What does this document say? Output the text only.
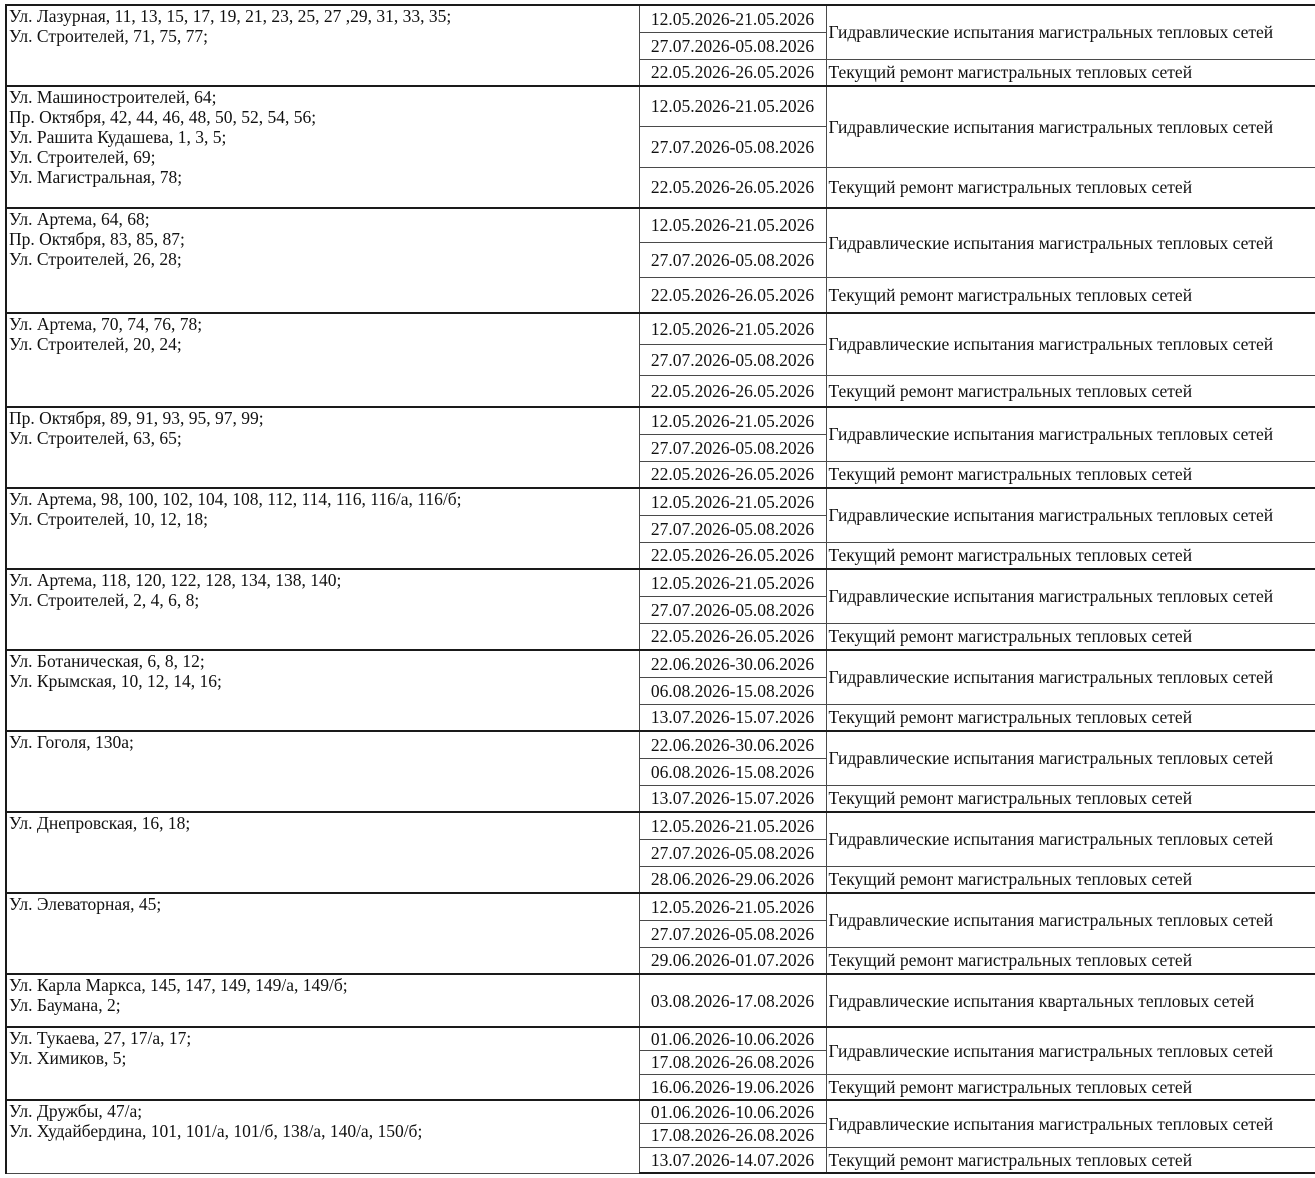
Ул. Лазурная, 11, 13, 15, 17, 19, 21, 23, 25, 27 ,29, 31, 33, 35;
Ул. Строителей, 71, 75, 77;	12.05.2026-21.05.2026	Гидравлические испытания магистральных тепловых сетей
	27.07.2026-05.08.2026	
	22.05.2026-26.05.2026	Текущий ремонт магистральных тепловых сетей

Ул. Машиностроителей, 64;
Пр. Октября, 42, 44, 46, 48, 50, 52, 54, 56;
Ул. Рашита Кудашева, 1, 3, 5;
Ул. Строителей, 69;
Ул. Магистральная, 78;	12.05.2026-21.05.2026	Гидравлические испытания магистральных тепловых сетей
	27.07.2026-05.08.2026	
	22.05.2026-26.05.2026	Текущий ремонт магистральных тепловых сетей

Ул. Артема, 64, 68;
Пр. Октября, 83, 85, 87;
Ул. Строителей, 26, 28;	12.05.2026-21.05.2026	Гидравлические испытания магистральных тепловых сетей
	27.07.2026-05.08.2026	
	22.05.2026-26.05.2026	Текущий ремонт магистральных тепловых сетей

Ул. Артема, 70, 74, 76, 78;
Ул. Строителей, 20, 24;	12.05.2026-21.05.2026	Гидравлические испытания магистральных тепловых сетей
	27.07.2026-05.08.2026	
	22.05.2026-26.05.2026	Текущий ремонт магистральных тепловых сетей

Пр. Октября, 89, 91, 93, 95, 97, 99;
Ул. Строителей, 63, 65;	12.05.2026-21.05.2026	Гидравлические испытания магистральных тепловых сетей
	27.07.2026-05.08.2026	
	22.05.2026-26.05.2026	Текущий ремонт магистральных тепловых сетей

Ул. Артема, 98, 100, 102, 104, 108, 112, 114, 116, 116/а, 116/б;
Ул. Строителей, 10, 12, 18;	12.05.2026-21.05.2026	Гидравлические испытания магистральных тепловых сетей
	27.07.2026-05.08.2026	
	22.05.2026-26.05.2026	Текущий ремонт магистральных тепловых сетей

Ул. Артема, 118, 120, 122, 128, 134, 138, 140;
Ул. Строителей, 2, 4, 6, 8;	12.05.2026-21.05.2026	Гидравлические испытания магистральных тепловых сетей
	27.07.2026-05.08.2026	
	22.05.2026-26.05.2026	Текущий ремонт магистральных тепловых сетей

Ул. Ботаническая, 6, 8, 12;
Ул. Крымская, 10, 12, 14, 16;	22.06.2026-30.06.2026	Гидравлические испытания магистральных тепловых сетей
	06.08.2026-15.08.2026	
	13.07.2026-15.07.2026	Текущий ремонт магистральных тепловых сетей

Ул. Гоголя, 130а;	22.06.2026-30.06.2026	Гидравлические испытания магистральных тепловых сетей
	06.08.2026-15.08.2026	
	13.07.2026-15.07.2026	Текущий ремонт магистральных тепловых сетей

Ул. Днепровская, 16, 18;	12.05.2026-21.05.2026	Гидравлические испытания магистральных тепловых сетей
	27.07.2026-05.08.2026	
	28.06.2026-29.06.2026	Текущий ремонт магистральных тепловых сетей

Ул. Элеваторная, 45;	12.05.2026-21.05.2026	Гидравлические испытания магистральных тепловых сетей
	27.07.2026-05.08.2026	
	29.06.2026-01.07.2026	Текущий ремонт магистральных тепловых сетей

Ул. Карла Маркса, 145, 147, 149, 149/а, 149/б;
Ул. Баумана, 2;	03.08.2026-17.08.2026	Гидравлические испытания квартальных тепловых сетей

Ул. Тукаева, 27, 17/а, 17;
Ул. Химиков, 5;	01.06.2026-10.06.2026	Гидравлические испытания магистральных тепловых сетей
	17.08.2026-26.08.2026	
	16.06.2026-19.06.2026	Текущий ремонт магистральных тепловых сетей

Ул. Дружбы, 47/а;
Ул. Худайбердина, 101, 101/а, 101/б, 138/а, 140/а, 150/б;	01.06.2026-10.06.2026	Гидравлические испытания магистральных тепловых сетей
	17.08.2026-26.08.2026	
	13.07.2026-14.07.2026	Текущий ремонт магистральных тепловых сетей
